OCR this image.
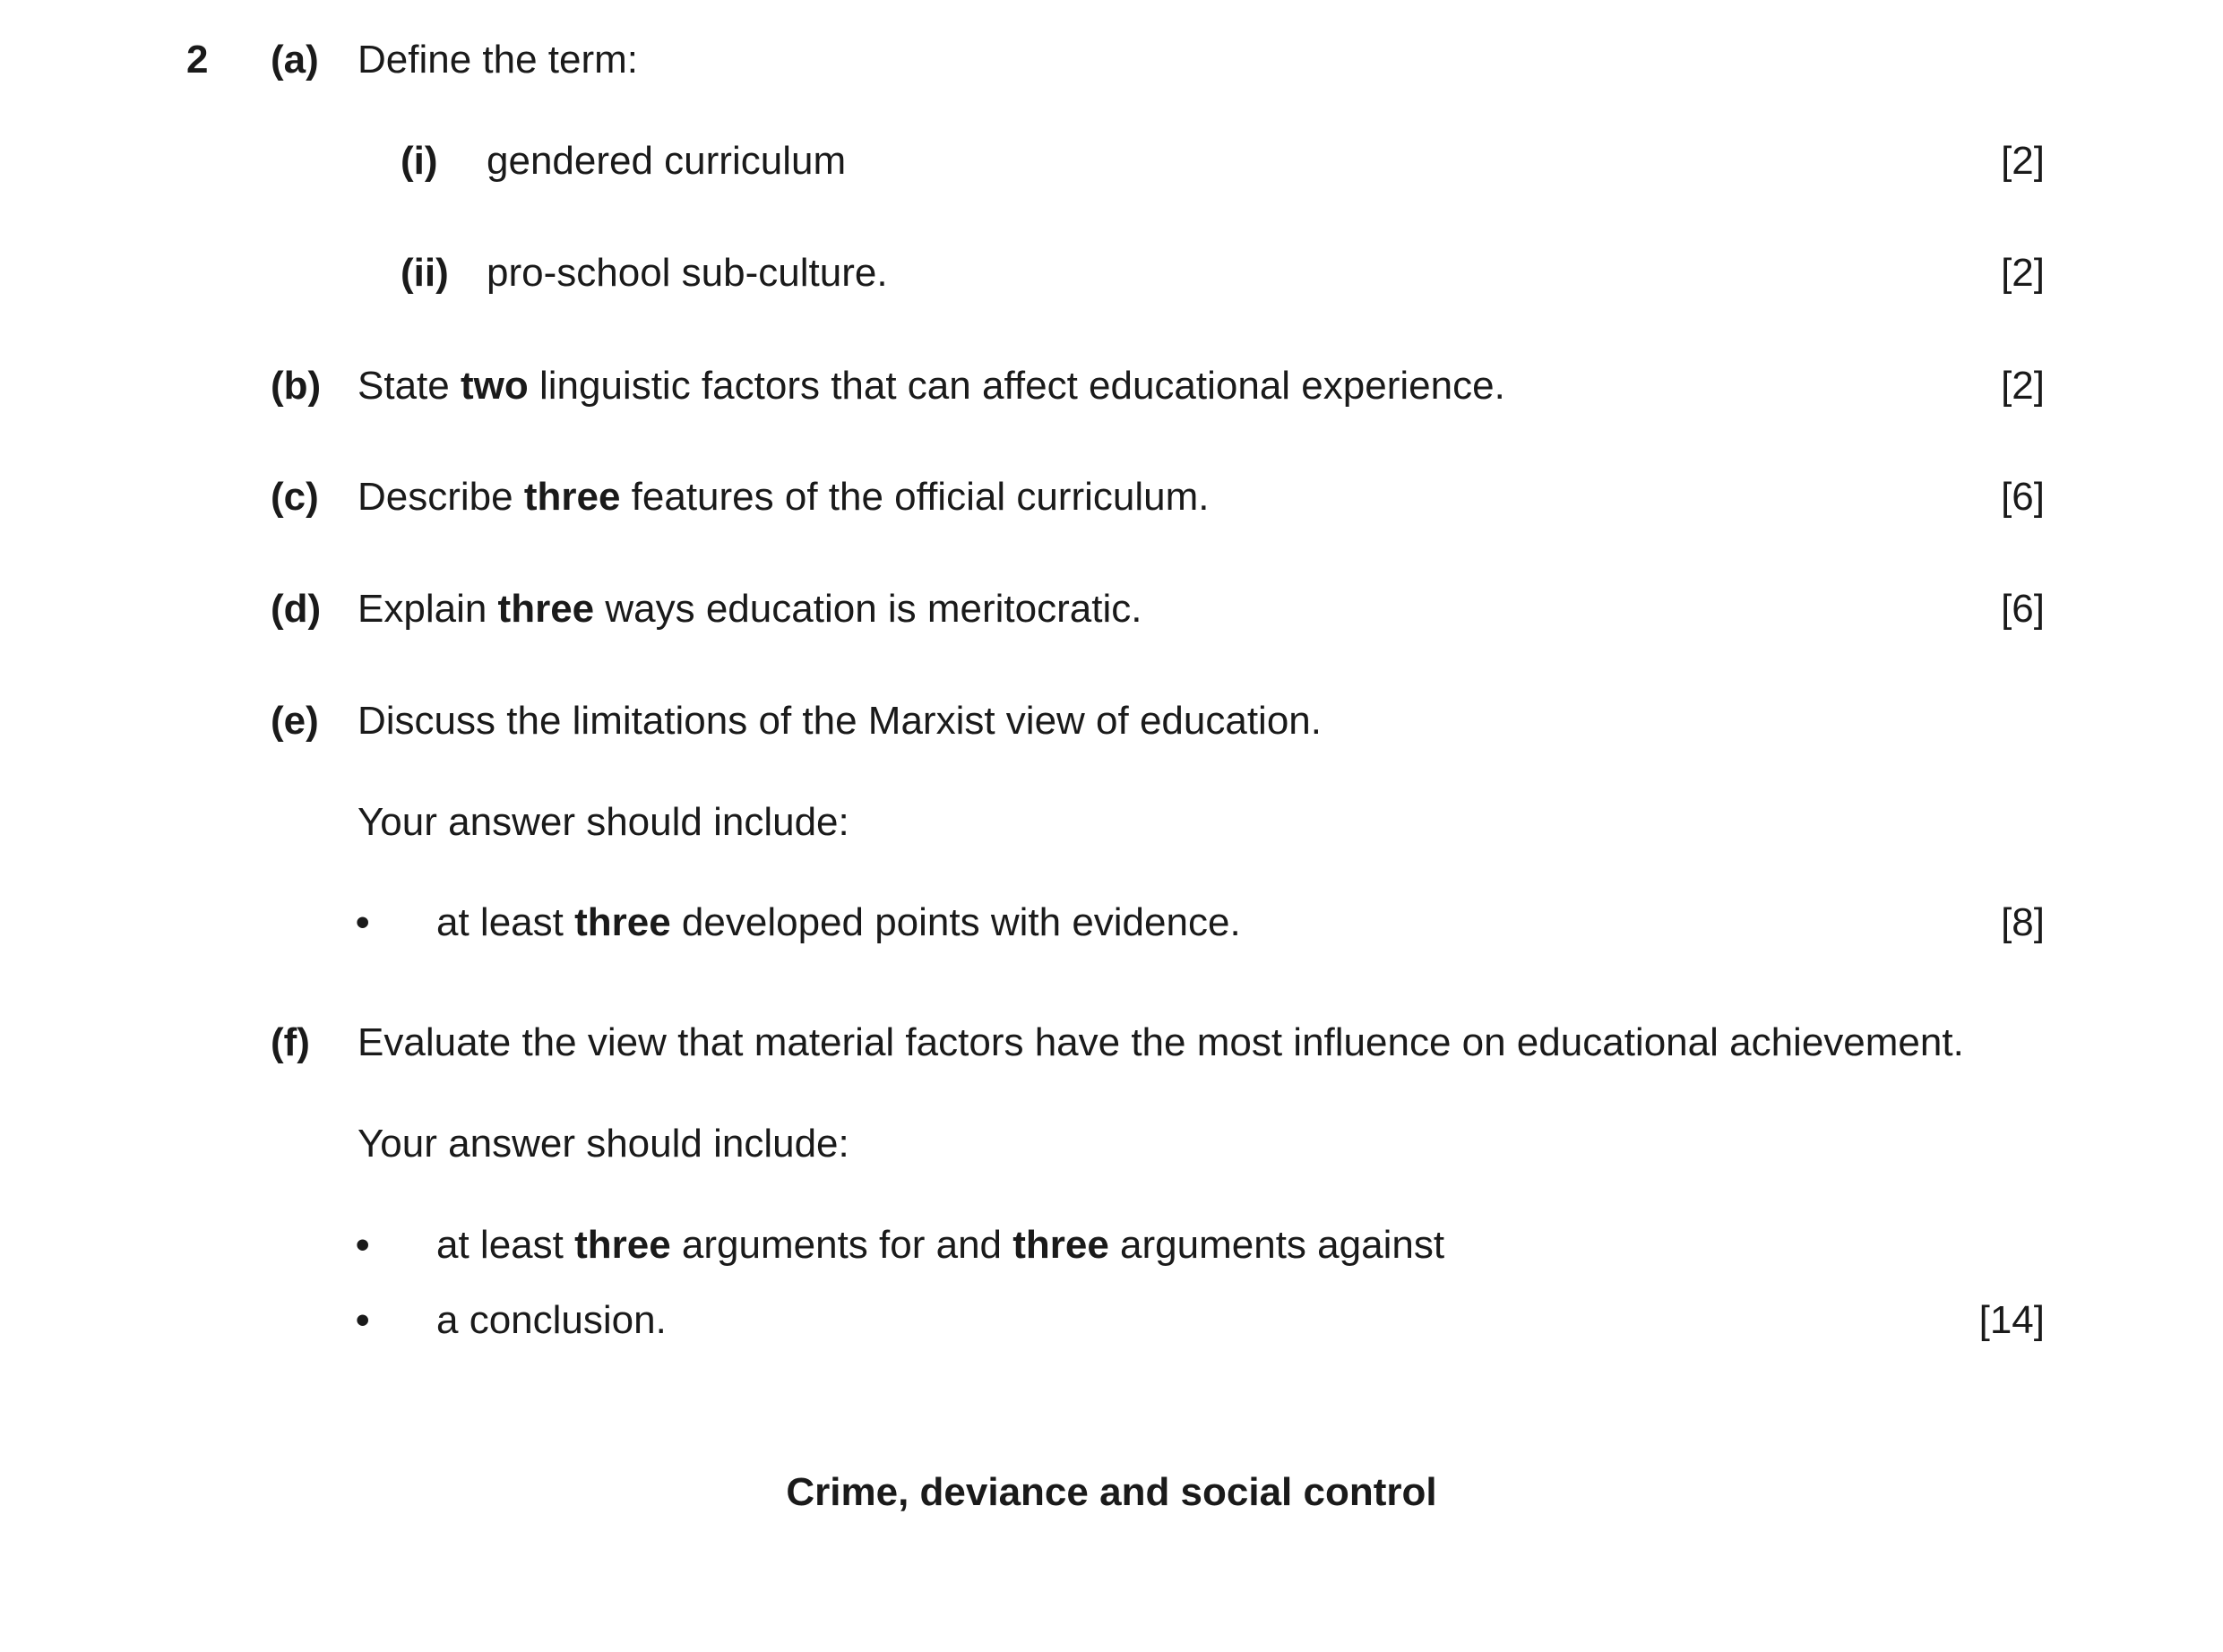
2 (a) Define the term:
(i) gendered curriculum	[2]
(ii) pro-school sub-culture.	[2]
(b) State two linguistic factors that can affect educational experience.	[2]
(c) Describe three features of the official curriculum.	[6]
(d) Explain three ways education is meritocratic.	[6]
(e) Discuss the limitations of the Marxist view of education.
Your answer should include:
• at least three developed points with evidence.	[8]
(f) Evaluate the view that material factors have the most influence on educational achievement.
Your answer should include:
• at least three arguments for and three arguments against
• a conclusion.	[14]
Crime, deviance and social control
